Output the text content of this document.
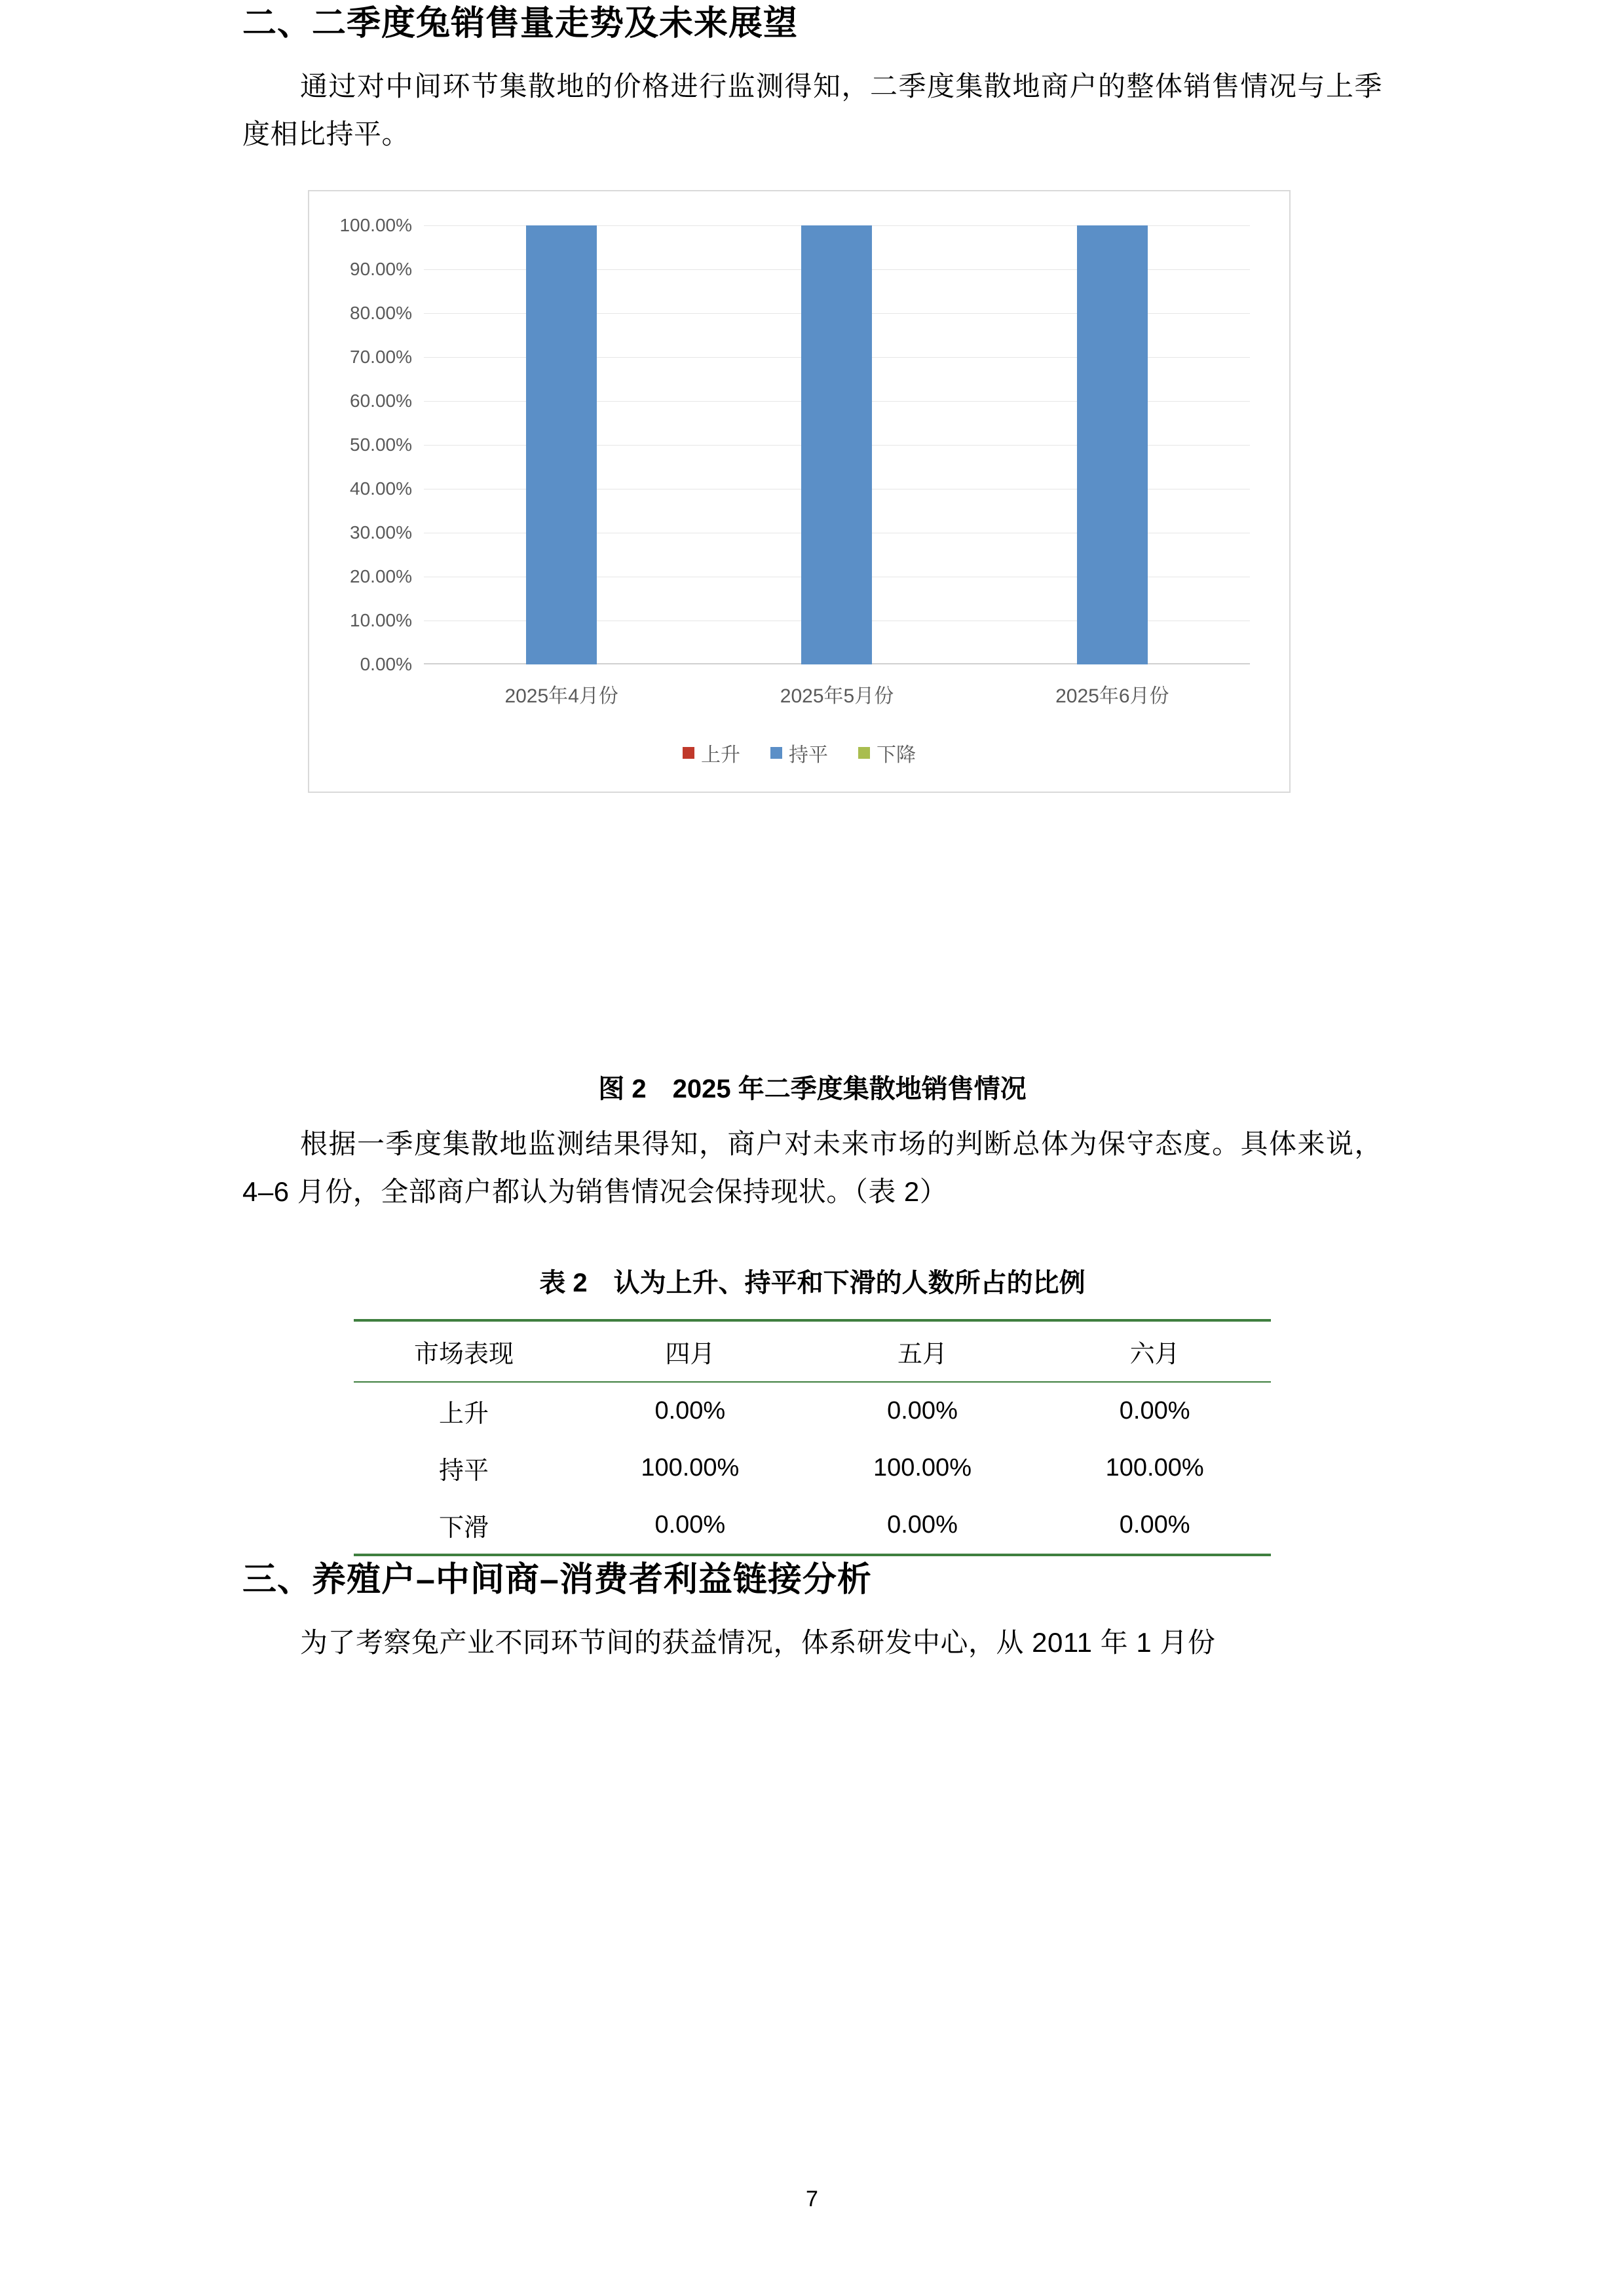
二、二季度兔销售量走势及未来展望

通过对中间环节集散地的价格进行监测得知，二季度集散地商户的整体销售情况与上季度相比持平。

100.00%
90.00%
80.00%
70.00%
60.00%
50.00%
40.00%
30.00%
20.00%
10.00%
0.00%
2025年4月份	2025年5月份	2025年6月份
上升 持平 下降
图 2　2025 年二季度集散地销售情况

根据一季度集散地监测结果得知，商户对未来市场的判断总体为保守态度。具体来说，4–6 月份，全部商户都认为销售情况会保持现状。（表 2）

表 2　认为上升、持平和下滑的人数所占的比例
市场表现	四月	五月	六月
上升	0.00%	0.00%	0.00%
持平	100.00%	100.00%	100.00%
下滑	0.00%	0.00%	0.00%
三、养殖户–中间商–消费者利益链接分析

为了考察兔产业不同环节间的获益情况，体系研发中心，从 2011 年 1 月份

7
